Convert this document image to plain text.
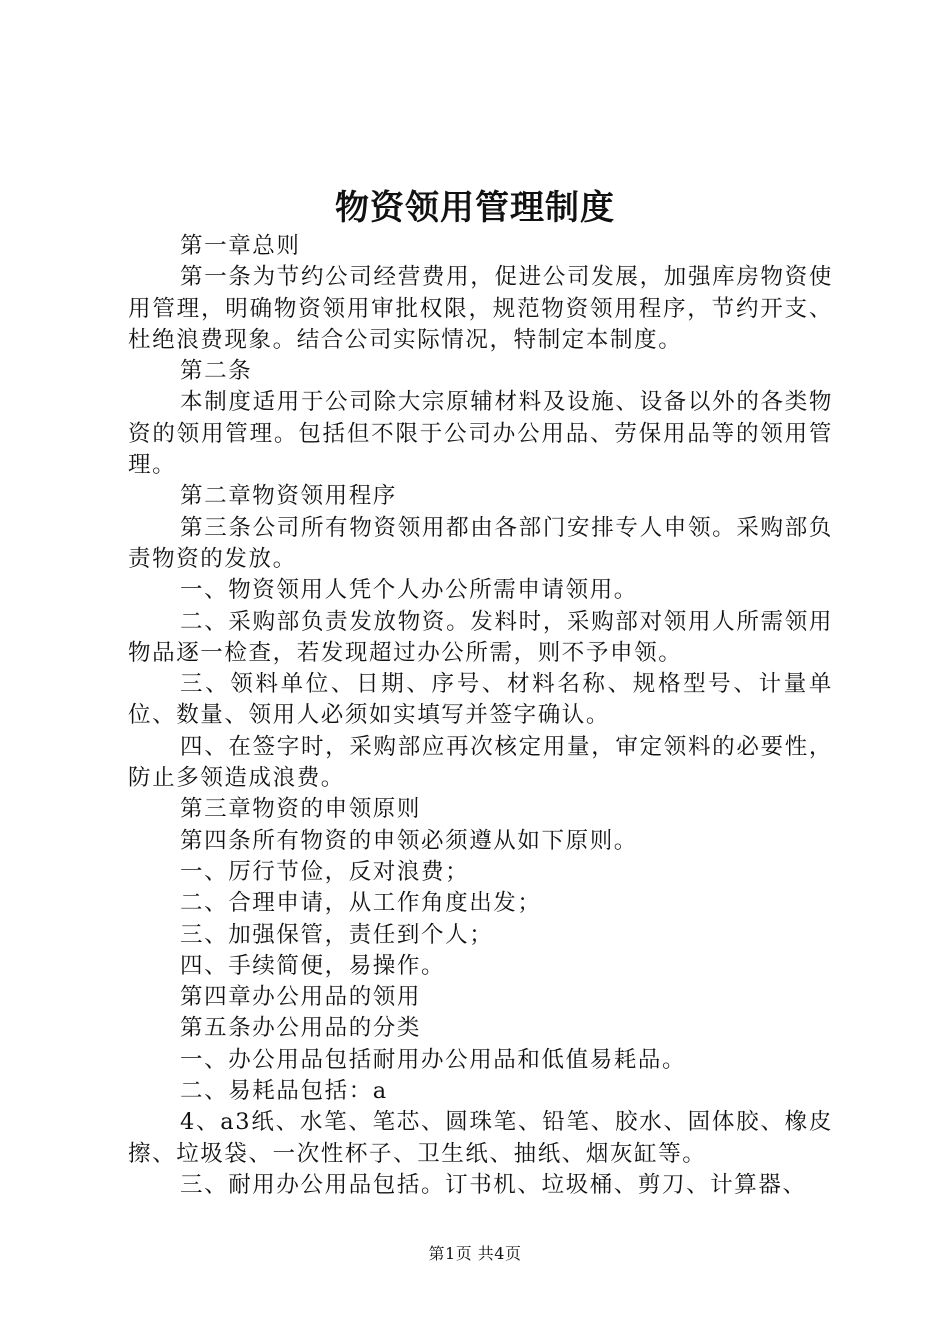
物资领用管理制度

第一章总则

第一条为节约公司经营费用，促进公司发展，加强库房物资使用管理，明确物资领用审批权限，规范物资领用程序，节约开支、杜绝浪费现象。结合公司实际情况，特制定本制度。

第二条

本制度适用于公司除大宗原辅材料及设施、设备以外的各类物资的领用管理。包括但不限于公司办公用品、劳保用品等的领用管理。

第二章物资领用程序

第三条公司所有物资领用都由各部门安排专人申领。采购部负责物资的发放。

一、物资领用人凭个人办公所需申请领用。

二、采购部负责发放物资。发料时，采购部对领用人所需领用物品逐一检查，若发现超过办公所需，则不予申领。

三、领料单位、日期、序号、材料名称、规格型号、计量单位、数量、领用人必须如实填写并签字确认。

四、在签字时，采购部应再次核定用量，审定领料的必要性，防止多领造成浪费。

第三章物资的申领原则

第四条所有物资的申领必须遵从如下原则。

一、厉行节俭，反对浪费；

二、合理申请，从工作角度出发；

三、加强保管，责任到个人；

四、手续简便，易操作。

第四章办公用品的领用

第五条办公用品的分类

一、办公用品包括耐用办公用品和低值易耗品。

二、易耗品包括：a

4、a3纸、水笔、笔芯、圆珠笔、铅笔、胶水、固体胶、橡皮擦、垃圾袋、一次性杯子、卫生纸、抽纸、烟灰缸等。

三、耐用办公用品包括。订书机、垃圾桶、剪刀、计算器、

第1页 共4页
